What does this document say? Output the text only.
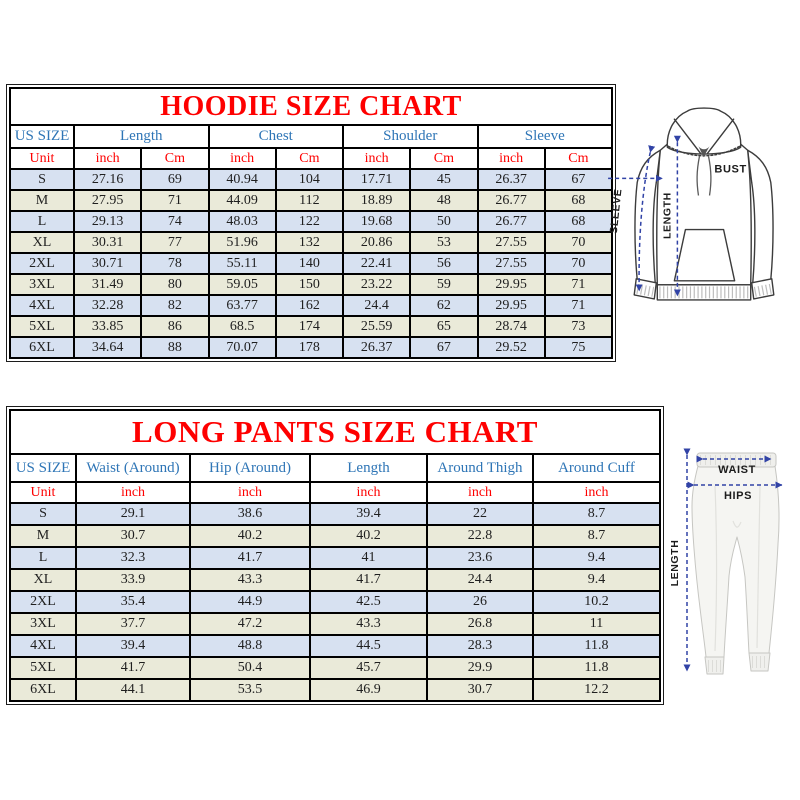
HOODIE SIZE CHART								
US SIZE	Length		Chest		Shoulder		Sleeve	
Unit	inch	Cm	inch	Cm	inch	Cm	inch	Cm
S	27.16	69	40.94	104	17.71	45	26.37	67
M	27.95	71	44.09	112	18.89	48	26.77	68
L	29.13	74	48.03	122	19.68	50	26.77	68
XL	30.31	77	51.96	132	20.86	53	27.55	70
2XL	30.71	78	55.11	140	22.41	56	27.55	70
3XL	31.49	80	59.05	150	23.22	59	29.95	71
4XL	32.28	82	63.77	162	24.4	62	29.95	71
5XL	33.85	86	68.5	174	25.59	65	28.74	73
6XL	34.64	88	70.07	178	26.37	67	29.52	75
LONG PANTS SIZE CHART					
US SIZE	Waist (Around)	Hip (Around)	Length	Around Thigh	Around Cuff
Unit	inch	inch	inch	inch	inch
S	29.1	38.6	39.4	22	8.7
M	30.7	40.2	40.2	22.8	8.7
L	32.3	41.7	41	23.6	9.4
XL	33.9	43.3	41.7	24.4	9.4
2XL	35.4	44.9	42.5	26	10.2
3XL	37.7	47.2	43.3	26.8	11
4XL	39.4	48.8	44.5	28.3	11.8
5XL	41.7	50.4	45.7	29.9	11.8
6XL	44.1	53.5	46.9	30.7	12.2
BUST
LENGTH
SLEEVE
WAIST
HIPS
LENGTH
